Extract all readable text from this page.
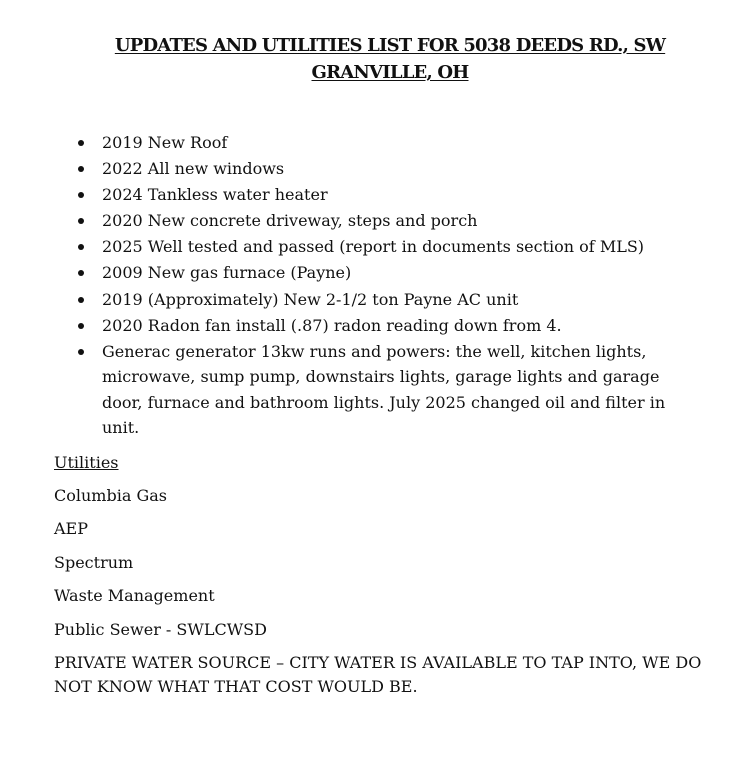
UPDATES AND UTILITIES LIST FOR 5038 DEEDS RD., SW
GRANVILLE, OH
2019 New Roof
2022 All new windows
2024 Tankless water heater
2020 New concrete driveway, steps and porch
2025 Well tested and passed (report in documents section of MLS)
2009 New gas furnace (Payne)
2019 (Approximately) New 2-1/2 ton Payne AC unit
2020 Radon fan install (.87) radon reading down from 4.
Generac generator 13kw runs and powers: the well, kitchen lights, microwave, sump pump, downstairs lights, garage lights and garage door, furnace and bathroom lights. July 2025 changed oil and filter in unit.
Utilities
Columbia Gas
AEP
Spectrum
Waste Management
Public Sewer - SWLCWSD
PRIVATE WATER SOURCE – CITY WATER IS AVAILABLE TO TAP INTO, WE DO NOT KNOW WHAT THAT COST WOULD BE.
